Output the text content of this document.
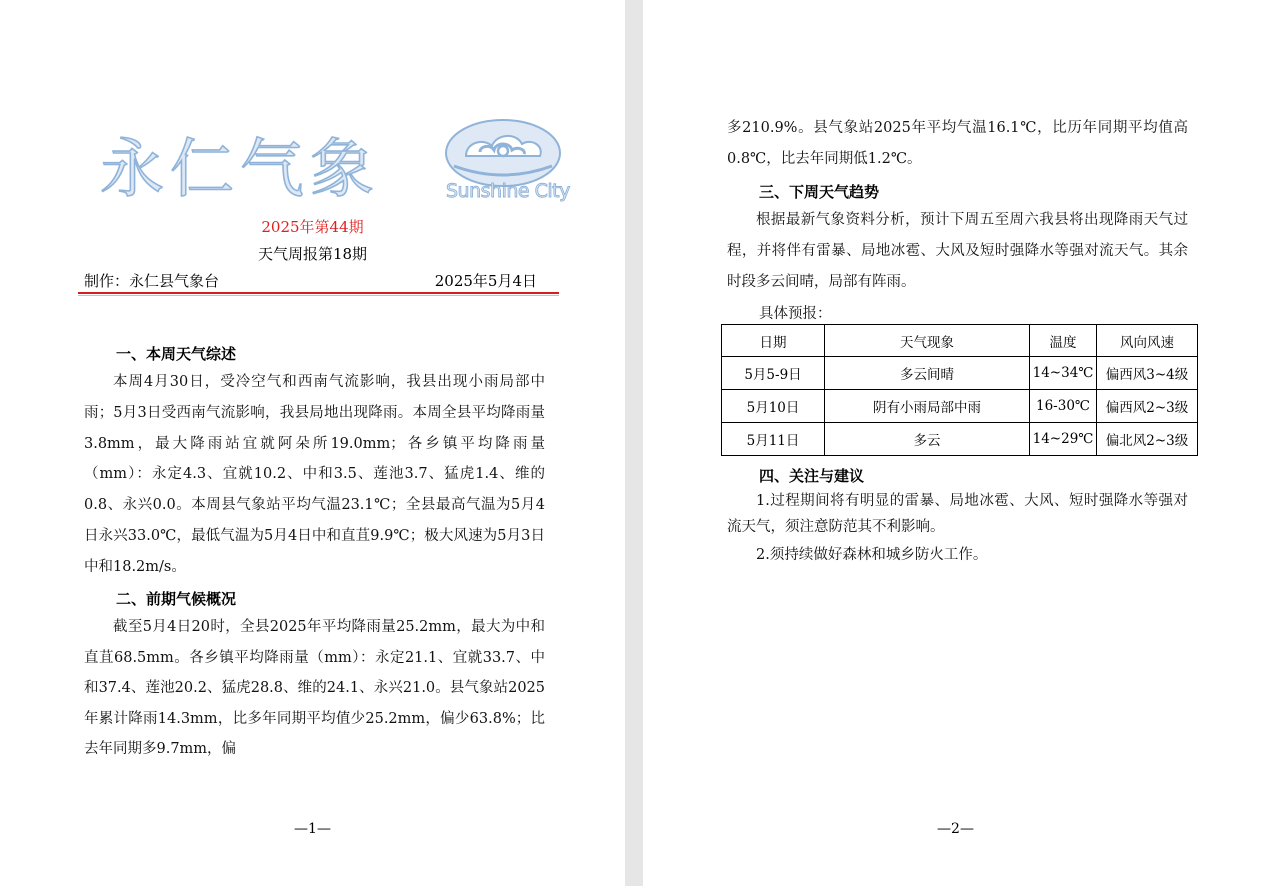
永仁气象	Sunshine City
2025年第44期
天气周报第18期
制作：永仁县气象台	2025年5月4日
一、本周天气综述

本周4月30日，受冷空气和西南气流影响，我县出现小雨局部中雨；5月3日受西南气流影响，我县局地出现降雨。本周全县平均降雨量3.8mm，最大降雨站宜就阿朵所19.0mm；各乡镇平均降雨量（mm）：永定4.3、宜就10.2、中和3.5、莲池3.7、猛虎1.4、维的0.8、永兴0.0。本周县气象站平均气温23.1℃；全县最高气温为5月4日永兴33.0℃，最低气温为5月4日中和直苴9.9℃；极大风速为5月3日中和18.2m/s。

二、前期气候概况

截至5月4日20时，全县2025年平均降雨量25.2mm，最大为中和直苴68.5mm。各乡镇平均降雨量（mm）：永定21.1、宜就33.7、中和37.4、莲池20.2、猛虎28.8、维的24.1、永兴21.0。县气象站2025年累计降雨14.3mm，比多年同期平均值少25.2mm，偏少63.8%；比去年同期多9.7mm，偏

—1—

多210.9%。县气象站2025年平均气温16.1℃，比历年同期平均值高0.8℃，比去年同期低1.2℃。

三、下周天气趋势

根据最新气象资料分析，预计下周五至周六我县将出现降雨天气过程，并将伴有雷暴、局地冰雹、大风及短时强降水等强对流天气。其余时段多云间晴，局部有阵雨。

具体预报：
日期	天气现象	温度	风向风速
5月5-9日	多云间晴	14~34℃	偏西风3~4级
5月10日	阴有小雨局部中雨	16-30℃	偏西风2~3级
5月11日	多云	14~29℃	偏北风2~3级
四、关注与建议

1.过程期间将有明显的雷暴、局地冰雹、大风、短时强降水等强对流天气，须注意防范其不利影响。

2.须持续做好森林和城乡防火工作。

—2—
